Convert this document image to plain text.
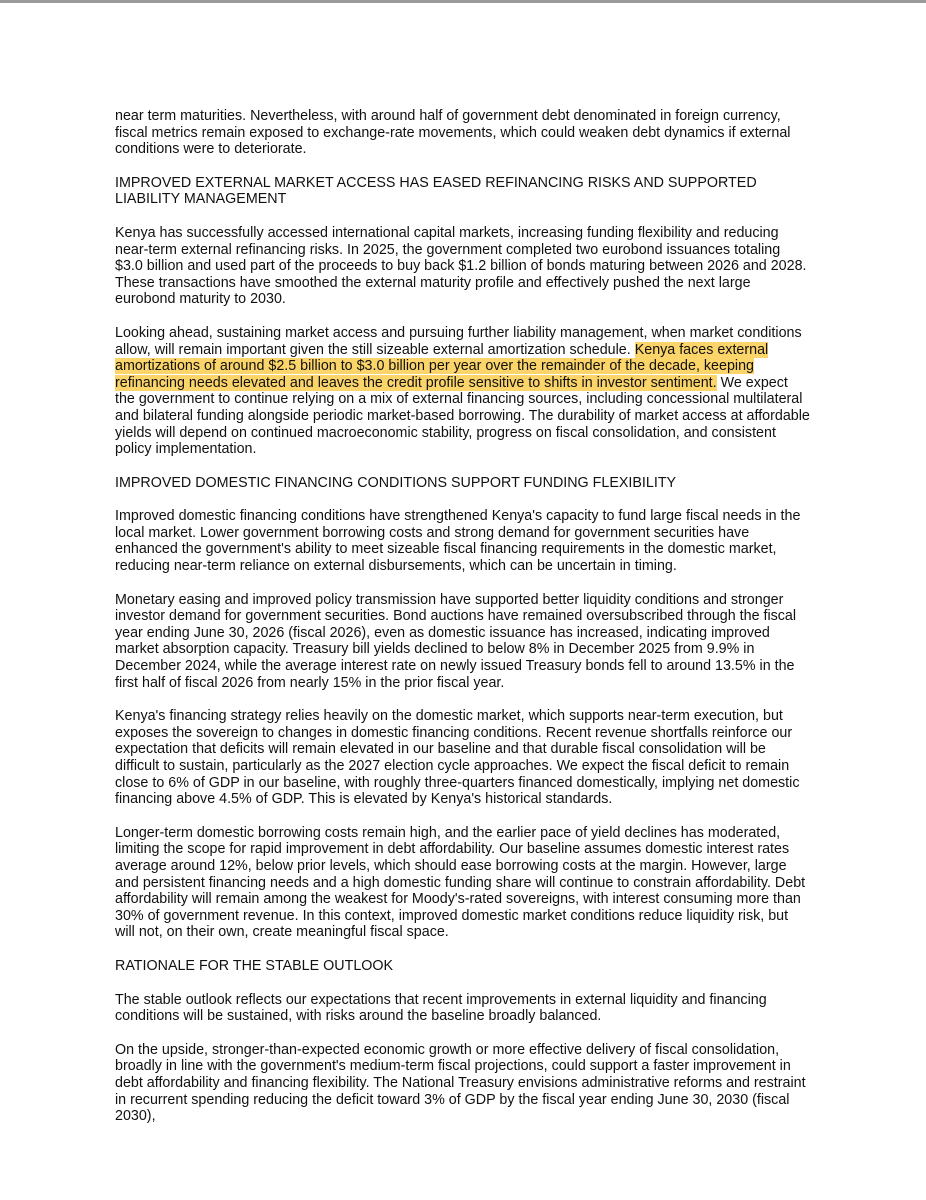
near term maturities. Nevertheless, with around half of government debt denominated in foreign currency, fiscal metrics remain exposed to exchange-rate movements, which could weaken debt dynamics if external conditions were to deteriorate.

IMPROVED EXTERNAL MARKET ACCESS HAS EASED REFINANCING RISKS AND SUPPORTED LIABILITY MANAGEMENT

Kenya has successfully accessed international capital markets, increasing funding flexibility and reducing near-term external refinancing risks. In 2025, the government completed two eurobond issuances totaling $3.0 billion and used part of the proceeds to buy back $1.2 billion of bonds maturing between 2026 and 2028. These transactions have smoothed the external maturity profile and effectively pushed the next large eurobond maturity to 2030.

Looking ahead, sustaining market access and pursuing further liability management, when market conditions allow, will remain important given the still sizeable external amortization schedule. Kenya faces external amortizations of around $2.5 billion to $3.0 billion per year over the remainder of the decade, keeping refinancing needs elevated and leaves the credit profile sensitive to shifts in investor sentiment. We expect the government to continue relying on a mix of external financing sources, including concessional multilateral and bilateral funding alongside periodic market-based borrowing. The durability of market access at affordable yields will depend on continued macroeconomic stability, progress on fiscal consolidation, and consistent policy implementation.

IMPROVED DOMESTIC FINANCING CONDITIONS SUPPORT FUNDING FLEXIBILITY

Improved domestic financing conditions have strengthened Kenya's capacity to fund large fiscal needs in the local market. Lower government borrowing costs and strong demand for government securities have enhanced the government's ability to meet sizeable fiscal financing requirements in the domestic market, reducing near-term reliance on external disbursements, which can be uncertain in timing.

Monetary easing and improved policy transmission have supported better liquidity conditions and stronger investor demand for government securities. Bond auctions have remained oversubscribed through the fiscal year ending June 30, 2026 (fiscal 2026), even as domestic issuance has increased, indicating improved market absorption capacity. Treasury bill yields declined to below 8% in December 2025 from 9.9% in December 2024, while the average interest rate on newly issued Treasury bonds fell to around 13.5% in the first half of fiscal 2026 from nearly 15% in the prior fiscal year.

Kenya's financing strategy relies heavily on the domestic market, which supports near-term execution, but exposes the sovereign to changes in domestic financing conditions. Recent revenue shortfalls reinforce our expectation that deficits will remain elevated in our baseline and that durable fiscal consolidation will be difficult to sustain, particularly as the 2027 election cycle approaches. We expect the fiscal deficit to remain close to 6% of GDP in our baseline, with roughly three-quarters financed domestically, implying net domestic financing above 4.5% of GDP. This is elevated by Kenya's historical standards.

Longer-term domestic borrowing costs remain high, and the earlier pace of yield declines has moderated, limiting the scope for rapid improvement in debt affordability. Our baseline assumes domestic interest rates average around 12%, below prior levels, which should ease borrowing costs at the margin. However, large and persistent financing needs and a high domestic funding share will continue to constrain affordability. Debt affordability will remain among the weakest for Moody's-rated sovereigns, with interest consuming more than 30% of government revenue. In this context, improved domestic market conditions reduce liquidity risk, but will not, on their own, create meaningful fiscal space.

RATIONALE FOR THE STABLE OUTLOOK

The stable outlook reflects our expectations that recent improvements in external liquidity and financing conditions will be sustained, with risks around the baseline broadly balanced.

On the upside, stronger-than-expected economic growth or more effective delivery of fiscal consolidation, broadly in line with the government's medium-term fiscal projections, could support a faster improvement in debt affordability and financing flexibility. The National Treasury envisions administrative reforms and restraint in recurrent spending reducing the deficit toward 3% of GDP by the fiscal year ending June 30, 2030 (fiscal 2030),
